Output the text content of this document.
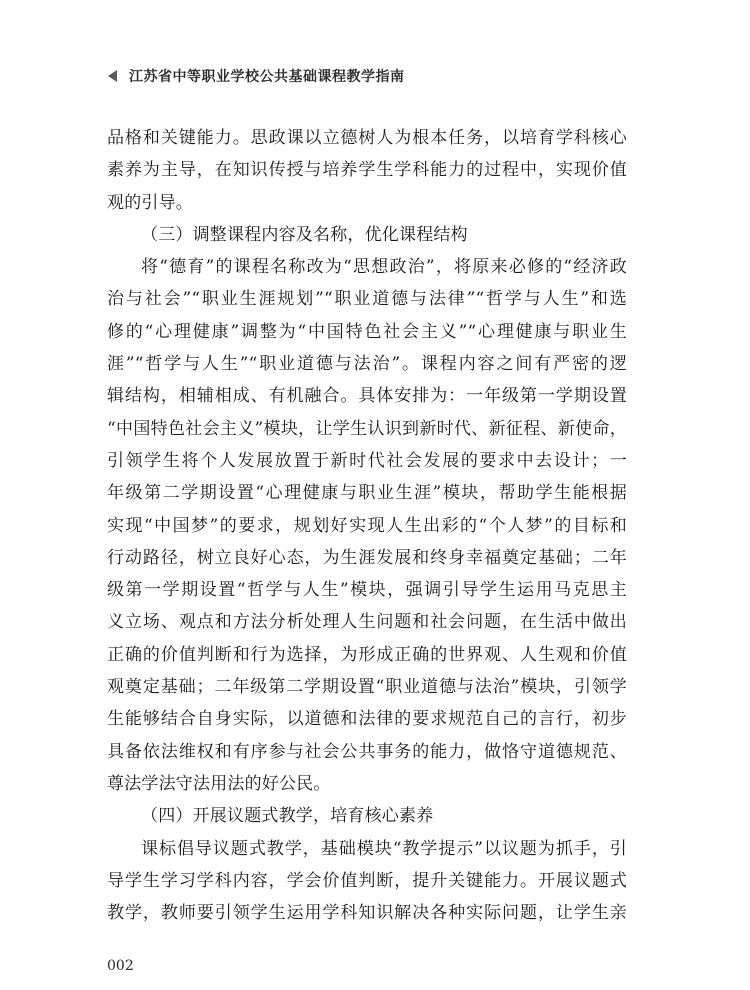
江苏省中等职业学校公共基础课程教学指南
品格和关键能力。思政课以立德树人为根本任务，以培育学科核心
素养为主导，在知识传授与培养学生学科能力的过程中，实现价值
观的引导。
（三）调整课程内容及名称，优化课程结构
将“德育”的课程名称改为“思想政治”，将原来必修的“经济政
治与社会”“职业生涯规划”“职业道德与法律”“哲学与人生”和选
修的“心理健康”调整为“中国特色社会主义”“心理健康与职业生
涯”“哲学与人生”“职业道德与法治”。课程内容之间有严密的逻
辑结构，相辅相成、有机融合。具体安排为：一年级第一学期设置
“中国特色社会主义”模块，让学生认识到新时代、新征程、新使命，
引领学生将个人发展放置于新时代社会发展的要求中去设计；一
年级第二学期设置“心理健康与职业生涯”模块，帮助学生能根据
实现“中国梦”的要求，规划好实现人生出彩的“个人梦”的目标和
行动路径，树立良好心态，为生涯发展和终身幸福奠定基础；二年
级第一学期设置“哲学与人生”模块，强调引导学生运用马克思主
义立场、观点和方法分析处理人生问题和社会问题，在生活中做出
正确的价值判断和行为选择，为形成正确的世界观、人生观和价值
观奠定基础；二年级第二学期设置“职业道德与法治”模块，引领学
生能够结合自身实际，以道德和法律的要求规范自己的言行，初步
具备依法维权和有序参与社会公共事务的能力，做恪守道德规范、
尊法学法守法用法的好公民。
（四）开展议题式教学，培育核心素养
课标倡导议题式教学，基础模块“教学提示”以议题为抓手，引
导学生学习学科内容，学会价值判断，提升关键能力。开展议题式
教学，教师要引领学生运用学科知识解决各种实际问题，让学生亲
002
